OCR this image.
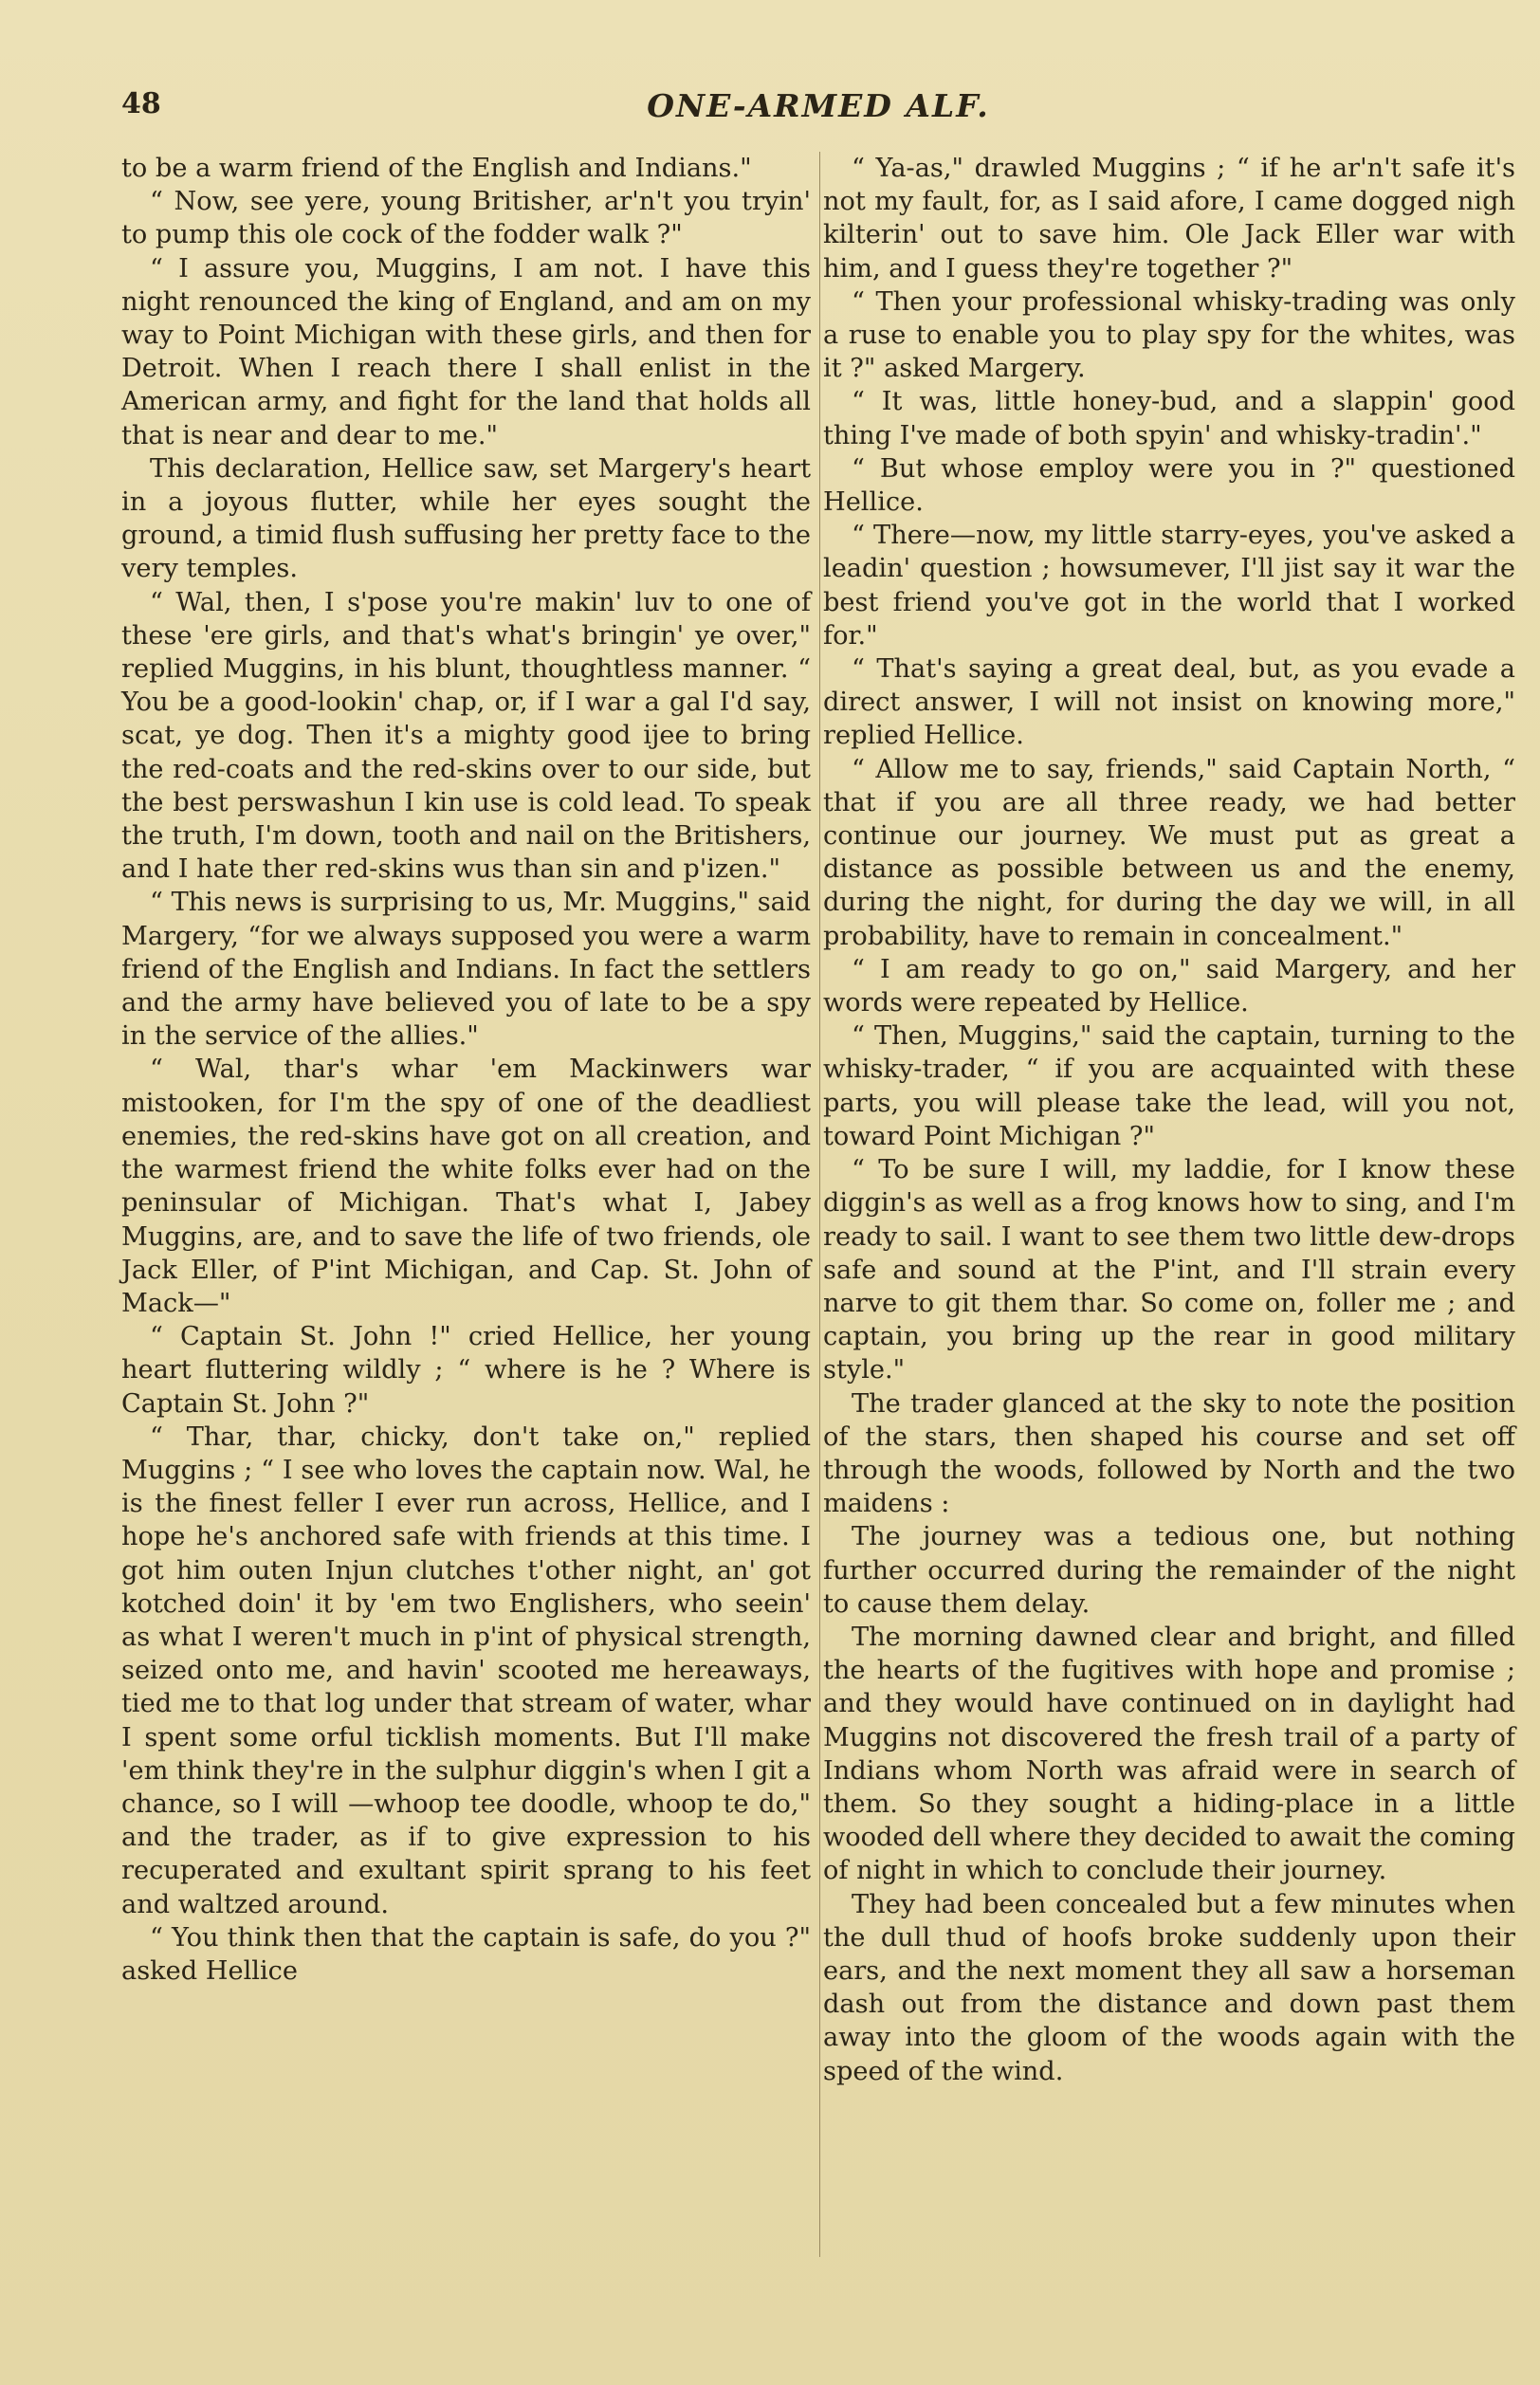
48	ONE-ARMED ALF.

to be a warm friend of the English and Indians."

“ Now, see yere, young Britisher, ar'n't you tryin' to pump this ole cock of the fodder walk ?"

“ I assure you, Muggins, I am not. I have this night renounced the king of England, and am on my way to Point Michigan with these girls, and then for Detroit. When I reach there I shall enlist in the American army, and fight for the land that holds all that is near and dear to me."

This declaration, Hellice saw, set Margery's heart in a joyous flutter, while her eyes sought the ground, a timid flush suffusing her pretty face to the very temples.

“ Wal, then, I s'pose you're makin' luv to one of these 'ere girls, and that's what's bringin' ye over," replied Muggins, in his blunt, thoughtless manner. “ You be a good-lookin' chap, or, if I war a gal I'd say, scat, ye dog. Then it's a mighty good ijee to bring the red-coats and the red-skins over to our side, but the best perswashun I kin use is cold lead. To speak the truth, I'm down, tooth and nail on the Britishers, and I hate ther red-skins wus than sin and p'izen."

“ This news is surprising to us, Mr. Muggins," said Margery, “for we always supposed you were a warm friend of the English and Indians. In fact the settlers and the army have believed you of late to be a spy in the service of the allies."

“ Wal, thar's whar 'em Mackinwers war mistooken, for I'm the spy of one of the deadliest enemies, the red-skins have got on all creation, and the warmest friend the white folks ever had on the peninsular of Michigan. That's what I, Jabey Muggins, are, and to save the life of two friends, ole Jack Eller, of P'int Michigan, and Cap. St. John of Mack—"

“ Captain St. John !" cried Hellice, her young heart fluttering wildly ; “ where is he ? Where is Captain St. John ?"

“ Thar, thar, chicky, don't take on," replied Muggins ; “ I see who loves the captain now. Wal, he is the finest feller I ever run across, Hellice, and I hope he's anchored safe with friends at this time. I got him outen Injun clutches t'other night, an' got kotched doin' it by 'em two Englishers, who seein' as what I weren't much in p'int of physical strength, seized onto me, and havin' scooted me hereaways, tied me to that log under that stream of water, whar I spent some orful ticklish moments. But I'll make 'em think they're in the sulphur diggin's when I git a chance, so I will —whoop tee doodle, whoop te do," and the trader, as if to give expression to his recuperated and exultant spirit sprang to his feet and waltzed around.

“ You think then that the captain is safe, do you ?" asked Hellice

“ Ya-as," drawled Muggins ; “ if he ar'n't safe it's not my fault, for, as I said afore, I came dogged nigh kilterin' out to save him. Ole Jack Eller war with him, and I guess they're together ?"

“ Then your professional whisky-trading was only a ruse to enable you to play spy for the whites, was it ?" asked Margery.

“ It was, little honey-bud, and a slappin' good thing I've made of both spyin' and whisky-tradin'."

“ But whose employ were you in ?" questioned Hellice.

“ There—now, my little starry-eyes, you've asked a leadin' question ; howsumever, I'll jist say it war the best friend you've got in the world that I worked for."

“ That's saying a great deal, but, as you evade a direct answer, I will not insist on knowing more," replied Hellice.

“ Allow me to say, friends," said Captain North, “ that if you are all three ready, we had better continue our journey. We must put as great a distance as possible between us and the enemy, during the night, for during the day we will, in all probability, have to remain in concealment."

“ I am ready to go on," said Margery, and her words were repeated by Hellice.

“ Then, Muggins," said the captain, turning to the whisky-trader, “ if you are acquainted with these parts, you will please take the lead, will you not, toward Point Michigan ?"

“ To be sure I will, my laddie, for I know these diggin's as well as a frog knows how to sing, and I'm ready to sail. I want to see them two little dew-drops safe and sound at the P'int, and I'll strain every narve to git them thar. So come on, foller me ; and captain, you bring up the rear in good military style."

The trader glanced at the sky to note the position of the stars, then shaped his course and set off through the woods, followed by North and the two maidens :

The journey was a tedious one, but nothing further occurred during the remainder of the night to cause them delay.

The morning dawned clear and bright, and filled the hearts of the fugitives with hope and promise ; and they would have continued on in daylight had Muggins not discovered the fresh trail of a party of Indians whom North was afraid were in search of them. So they sought a hiding-place in a little wooded dell where they decided to await the coming of night in which to conclude their journey.

They had been concealed but a few minutes when the dull thud of hoofs broke suddenly upon their ears, and the next moment they all saw a horseman dash out from the distance and down past them away into the gloom of the woods again with the speed of the wind.
